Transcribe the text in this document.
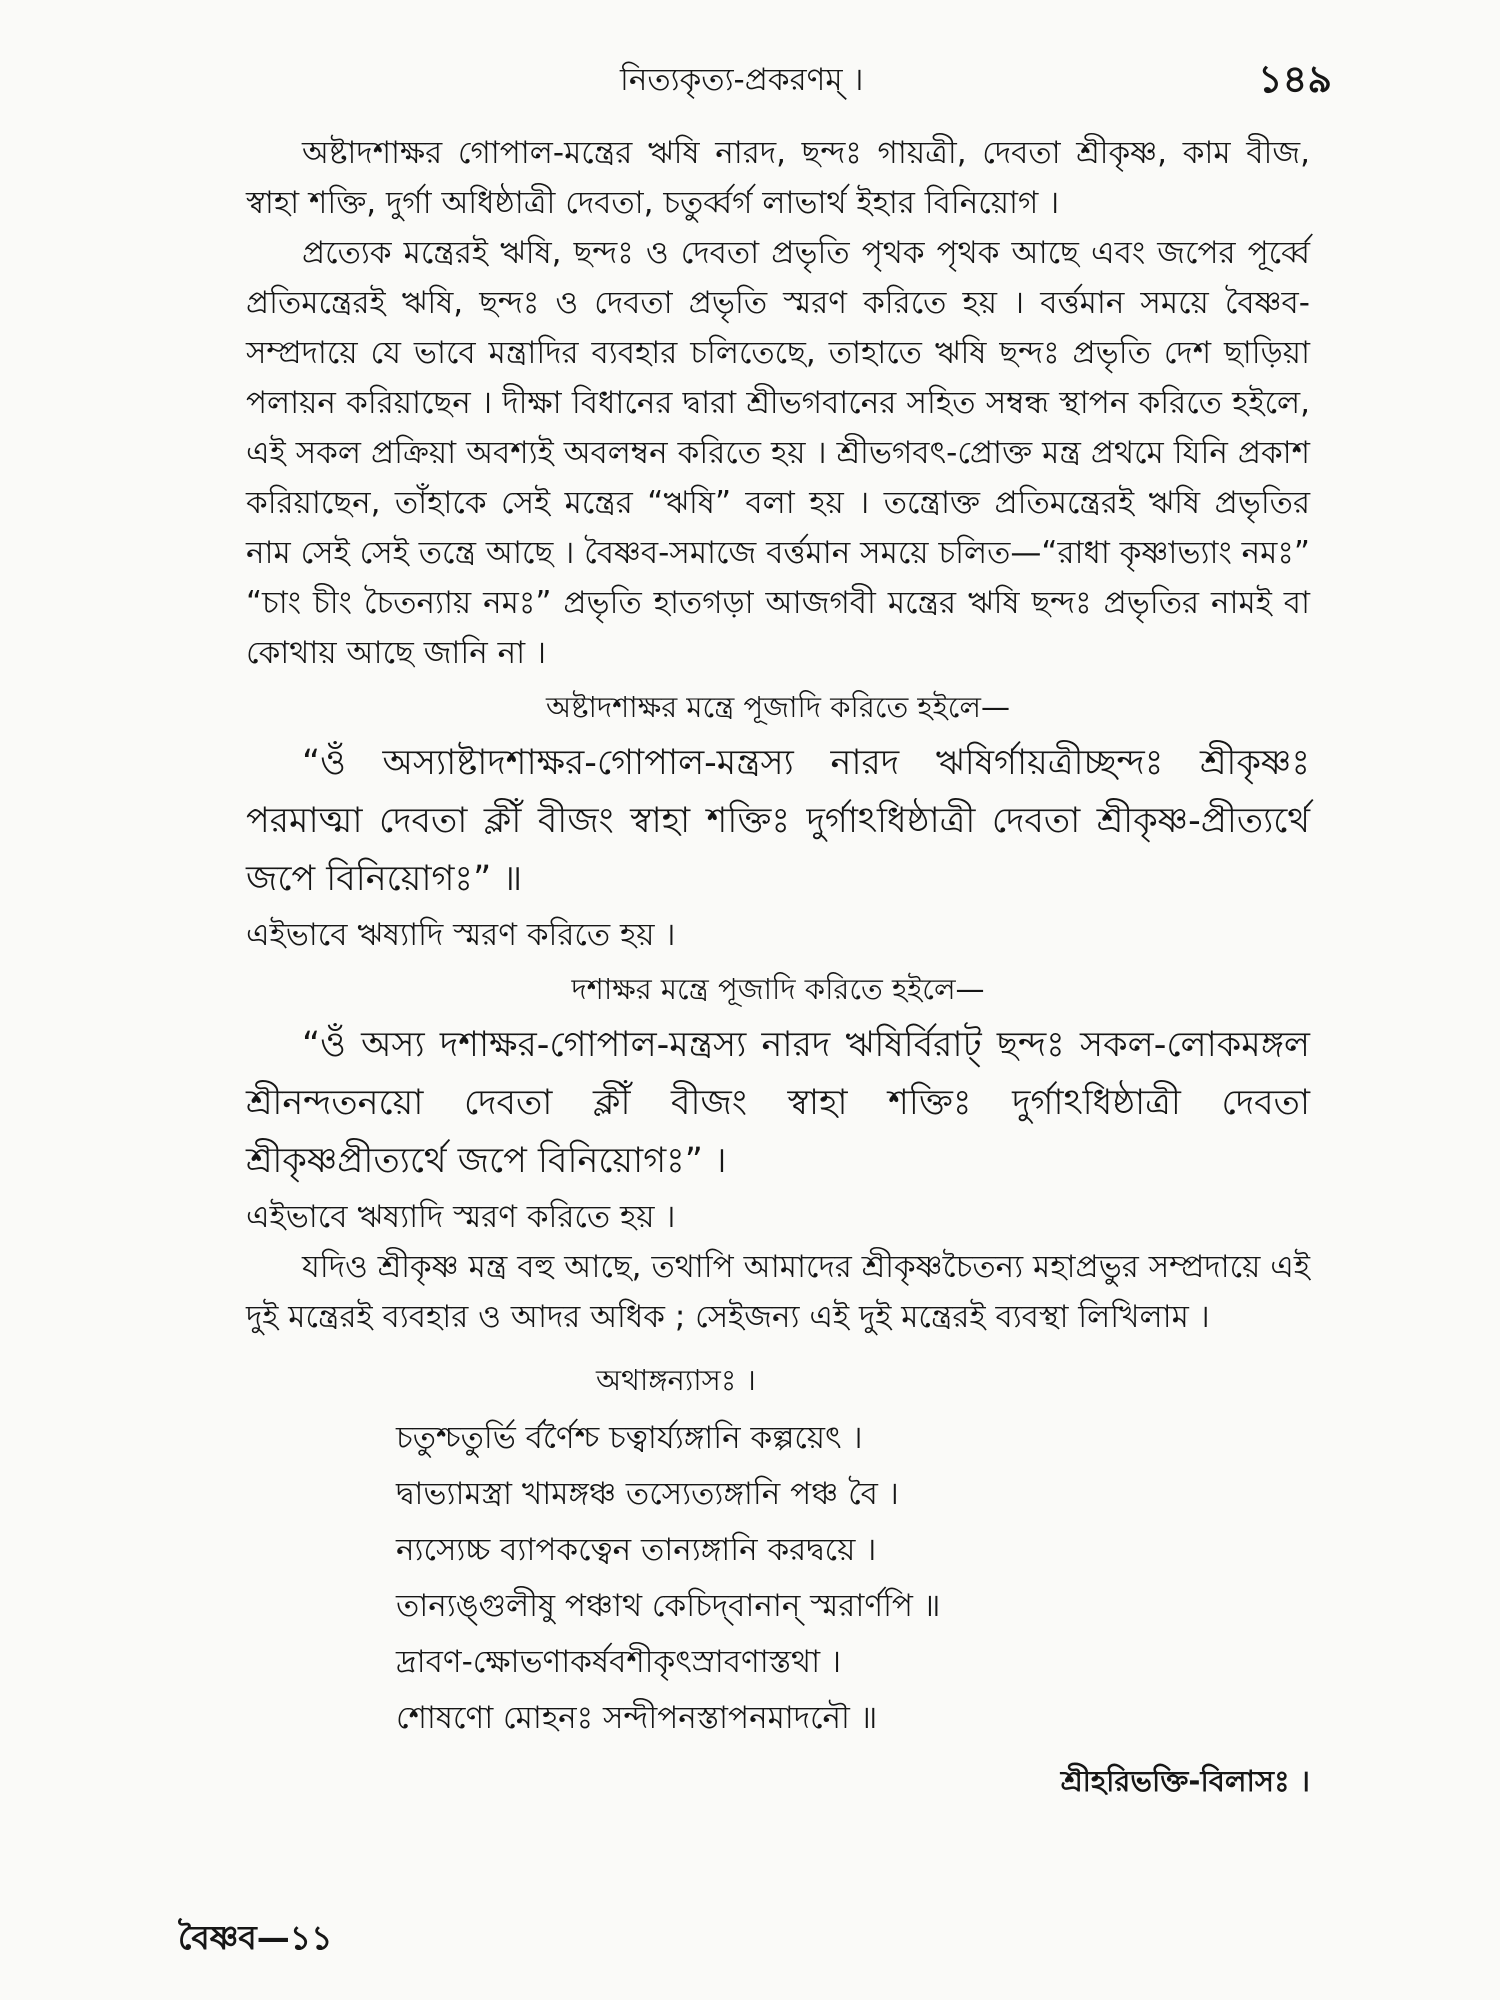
নিত্যকৃত্য-প্রকরণম্ ।	১৪৯

অষ্টাদশাক্ষর গোপাল-মন্ত্রের ঋষি নারদ, ছন্দঃ গায়ত্রী, দেবতা শ্রীকৃষ্ণ, কাম বীজ, স্বাহা শক্তি, দুর্গা অধিষ্ঠাত্রী দেবতা, চতুর্ব্বর্গ লাভার্থ ইহার বিনিয়োগ ।

প্রত্যেক মন্ত্রেরই ঋষি, ছন্দঃ ও দেবতা প্রভৃতি পৃথক পৃথক আছে এবং জপের পূর্ব্বে প্রতিমন্ত্রেরই ঋষি, ছন্দঃ ও দেবতা প্রভৃতি স্মরণ করিতে হয় । বর্ত্তমান সময়ে বৈষ্ণব-সম্প্রদায়ে যে ভাবে মন্ত্রাদির ব্যবহার চলিতেছে, তাহাতে ঋষি ছন্দঃ প্রভৃতি দেশ ছাড়িয়া পলায়ন করিয়াছেন । দীক্ষা বিধানের দ্বারা শ্রীভগবানের সহিত সম্বন্ধ স্থাপন করিতে হইলে, এই সকল প্রক্রিয়া অবশ্যই অবলম্বন করিতে হয় । শ্রীভগবৎ-প্রোক্ত মন্ত্র প্রথমে যিনি প্রকাশ করিয়াছেন, তাঁহাকে সেই মন্ত্রের “ঋষি” বলা হয় । তন্ত্রোক্ত প্রতিমন্ত্রেরই ঋষি প্রভৃতির নাম সেই সেই তন্ত্রে আছে । বৈষ্ণব-সমাজে বর্ত্তমান সময়ে চলিত—“রাধা কৃষ্ণাভ্যাং নমঃ” “চাং চীং চৈতন্যায় নমঃ” প্রভৃতি হাতগড়া আজগবী মন্ত্রের ঋষি ছন্দঃ প্রভৃতির নামই বা কোথায় আছে জানি না ।

অষ্টাদশাক্ষর মন্ত্রে পূজাদি করিতে হইলে—

“ওঁ অস্যাষ্টাদশাক্ষর-গোপাল-মন্ত্রস্য নারদ ঋষির্গায়ত্রীচ্ছন্দঃ শ্রীকৃষ্ণঃ পরমাত্মা দেবতা ক্লীঁ বীজং স্বাহা শক্তিঃ দুর্গাঽধিষ্ঠাত্রী দেবতা শ্রীকৃষ্ণ-প্রীত্যর্থে জপে বিনিয়োগঃ” ॥

এইভাবে ঋষ্যাদি স্মরণ করিতে হয় ।

দশাক্ষর মন্ত্রে পূজাদি করিতে হইলে—

“ওঁ অস্য দশাক্ষর-গোপাল-মন্ত্রস্য নারদ ঋষির্বিরাট্ ছন্দঃ সকল-লোকমঙ্গল শ্রীনন্দতনয়ো দেবতা ক্লীঁ বীজং স্বাহা শক্তিঃ দুর্গাঽধিষ্ঠাত্রী দেবতা শ্রীকৃষ্ণপ্রীত্যর্থে জপে বিনিয়োগঃ” ।

এইভাবে ঋষ্যাদি স্মরণ করিতে হয় ।

যদিও শ্রীকৃষ্ণ মন্ত্র বহু আছে, তথাপি আমাদের শ্রীকৃষ্ণচৈতন্য মহাপ্রভুর সম্প্রদায়ে এই দুই মন্ত্রেরই ব্যবহার ও আদর অধিক ; সেইজন্য এই দুই মন্ত্রেরই ব্যবস্থা লিখিলাম ।

অথাঙ্গন্যাসঃ ।

চতুশ্চতুর্ভি র্বর্ণৈশ্চ চত্বার্য্যঙ্গানি কল্পয়েৎ ।

দ্বাভ্যামস্ত্রা খামঙ্গঞ্চ তস্যেত্যঙ্গানি পঞ্চ বৈ ।

ন্যস্যেচ্চ ব্যাপকত্বেন তান্যঙ্গানি করদ্বয়ে ।

তান্যঙ্গুলীষু পঞ্চাথ কেচিদ্‌বানান্ স্মরার্ণপি ॥

দ্রাবণ-ক্ষোভণাকর্ষবশীকৃৎস্রাবণাস্তথা ।

শোষণো মোহনঃ সন্দীপনস্তাপনমাদনৌ ॥

শ্রীহরিভক্তি-বিলাসঃ ।

বৈষ্ণব—১১
